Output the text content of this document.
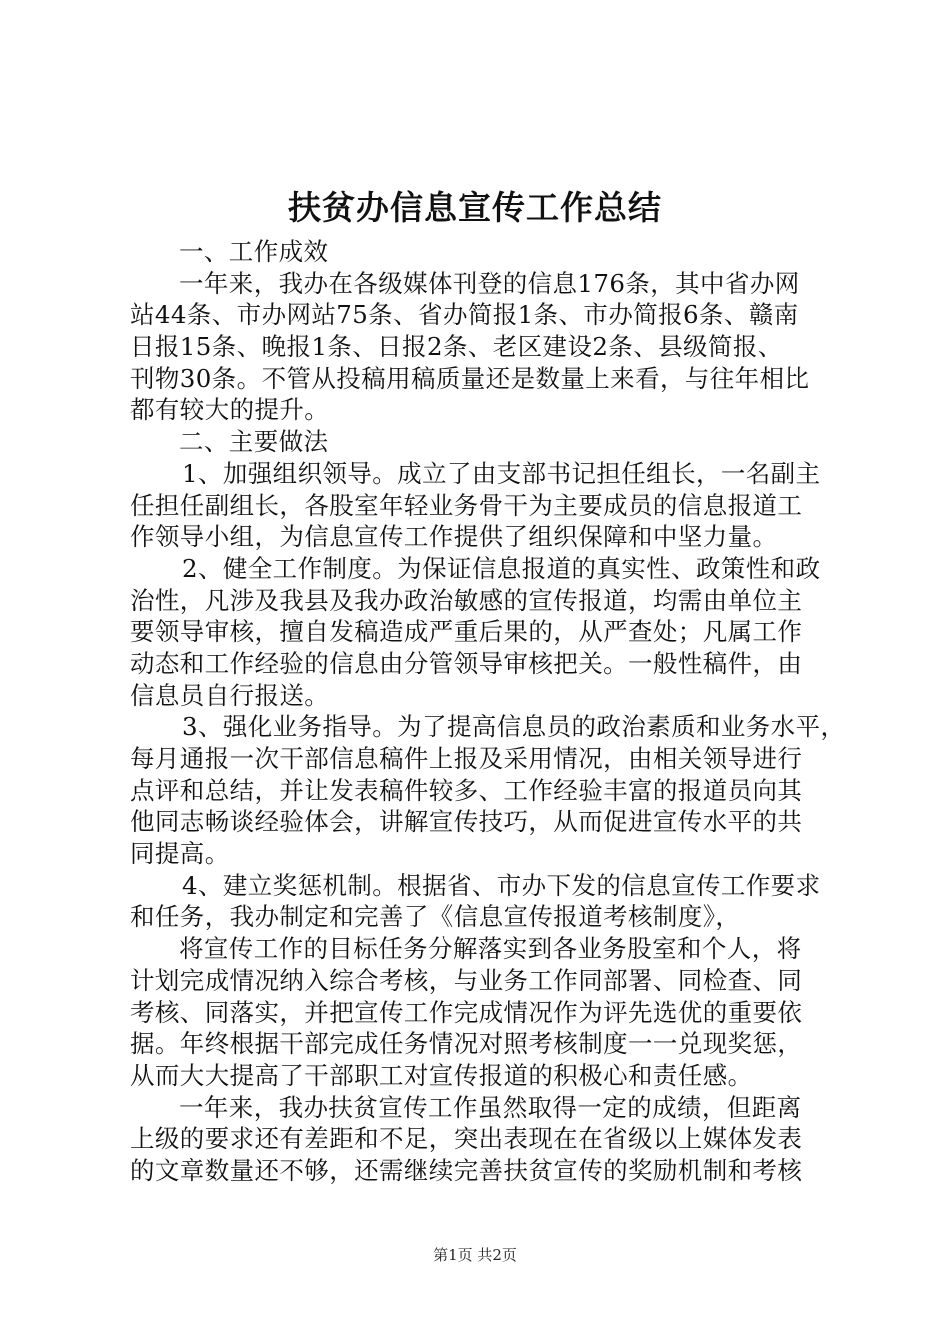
扶贫办信息宣传工作总结
一、工作成效
一年来，我办在各级媒体刊登的信息176条，其中省办网
站44条、市办网站75条、省办简报1条、市办简报6条、赣南
日报15条、晚报1条、日报2条、老区建设2条、县级简报、
刊物30条。不管从投稿用稿质量还是数量上来看，与往年相比
都有较大的提升。
二、主要做法
1、加强组织领导。成立了由支部书记担任组长，一名副主
任担任副组长，各股室年轻业务骨干为主要成员的信息报道工
作领导小组，为信息宣传工作提供了组织保障和中坚力量。
2、健全工作制度。为保证信息报道的真实性、政策性和政
治性，凡涉及我县及我办政治敏感的宣传报道，均需由单位主
要领导审核，擅自发稿造成严重后果的，从严查处；凡属工作
动态和工作经验的信息由分管领导审核把关。一般性稿件，由
信息员自行报送。
3、强化业务指导。为了提高信息员的政治素质和业务水平，
每月通报一次干部信息稿件上报及采用情况，由相关领导进行
点评和总结，并让发表稿件较多、工作经验丰富的报道员向其
他同志畅谈经验体会，讲解宣传技巧，从而促进宣传水平的共
同提高。
4、建立奖惩机制。根据省、市办下发的信息宣传工作要求
和任务，我办制定和完善了《信息宣传报道考核制度》，
将宣传工作的目标任务分解落实到各业务股室和个人，将
计划完成情况纳入综合考核，与业务工作同部署、同检查、同
考核、同落实，并把宣传工作完成情况作为评先选优的重要依
据。年终根据干部完成任务情况对照考核制度一一兑现奖惩，
从而大大提高了干部职工对宣传报道的积极心和责任感。
一年来，我办扶贫宣传工作虽然取得一定的成绩，但距离
上级的要求还有差距和不足，突出表现在在省级以上媒体发表
的文章数量还不够，还需继续完善扶贫宣传的奖励机制和考核
第1页 共2页
